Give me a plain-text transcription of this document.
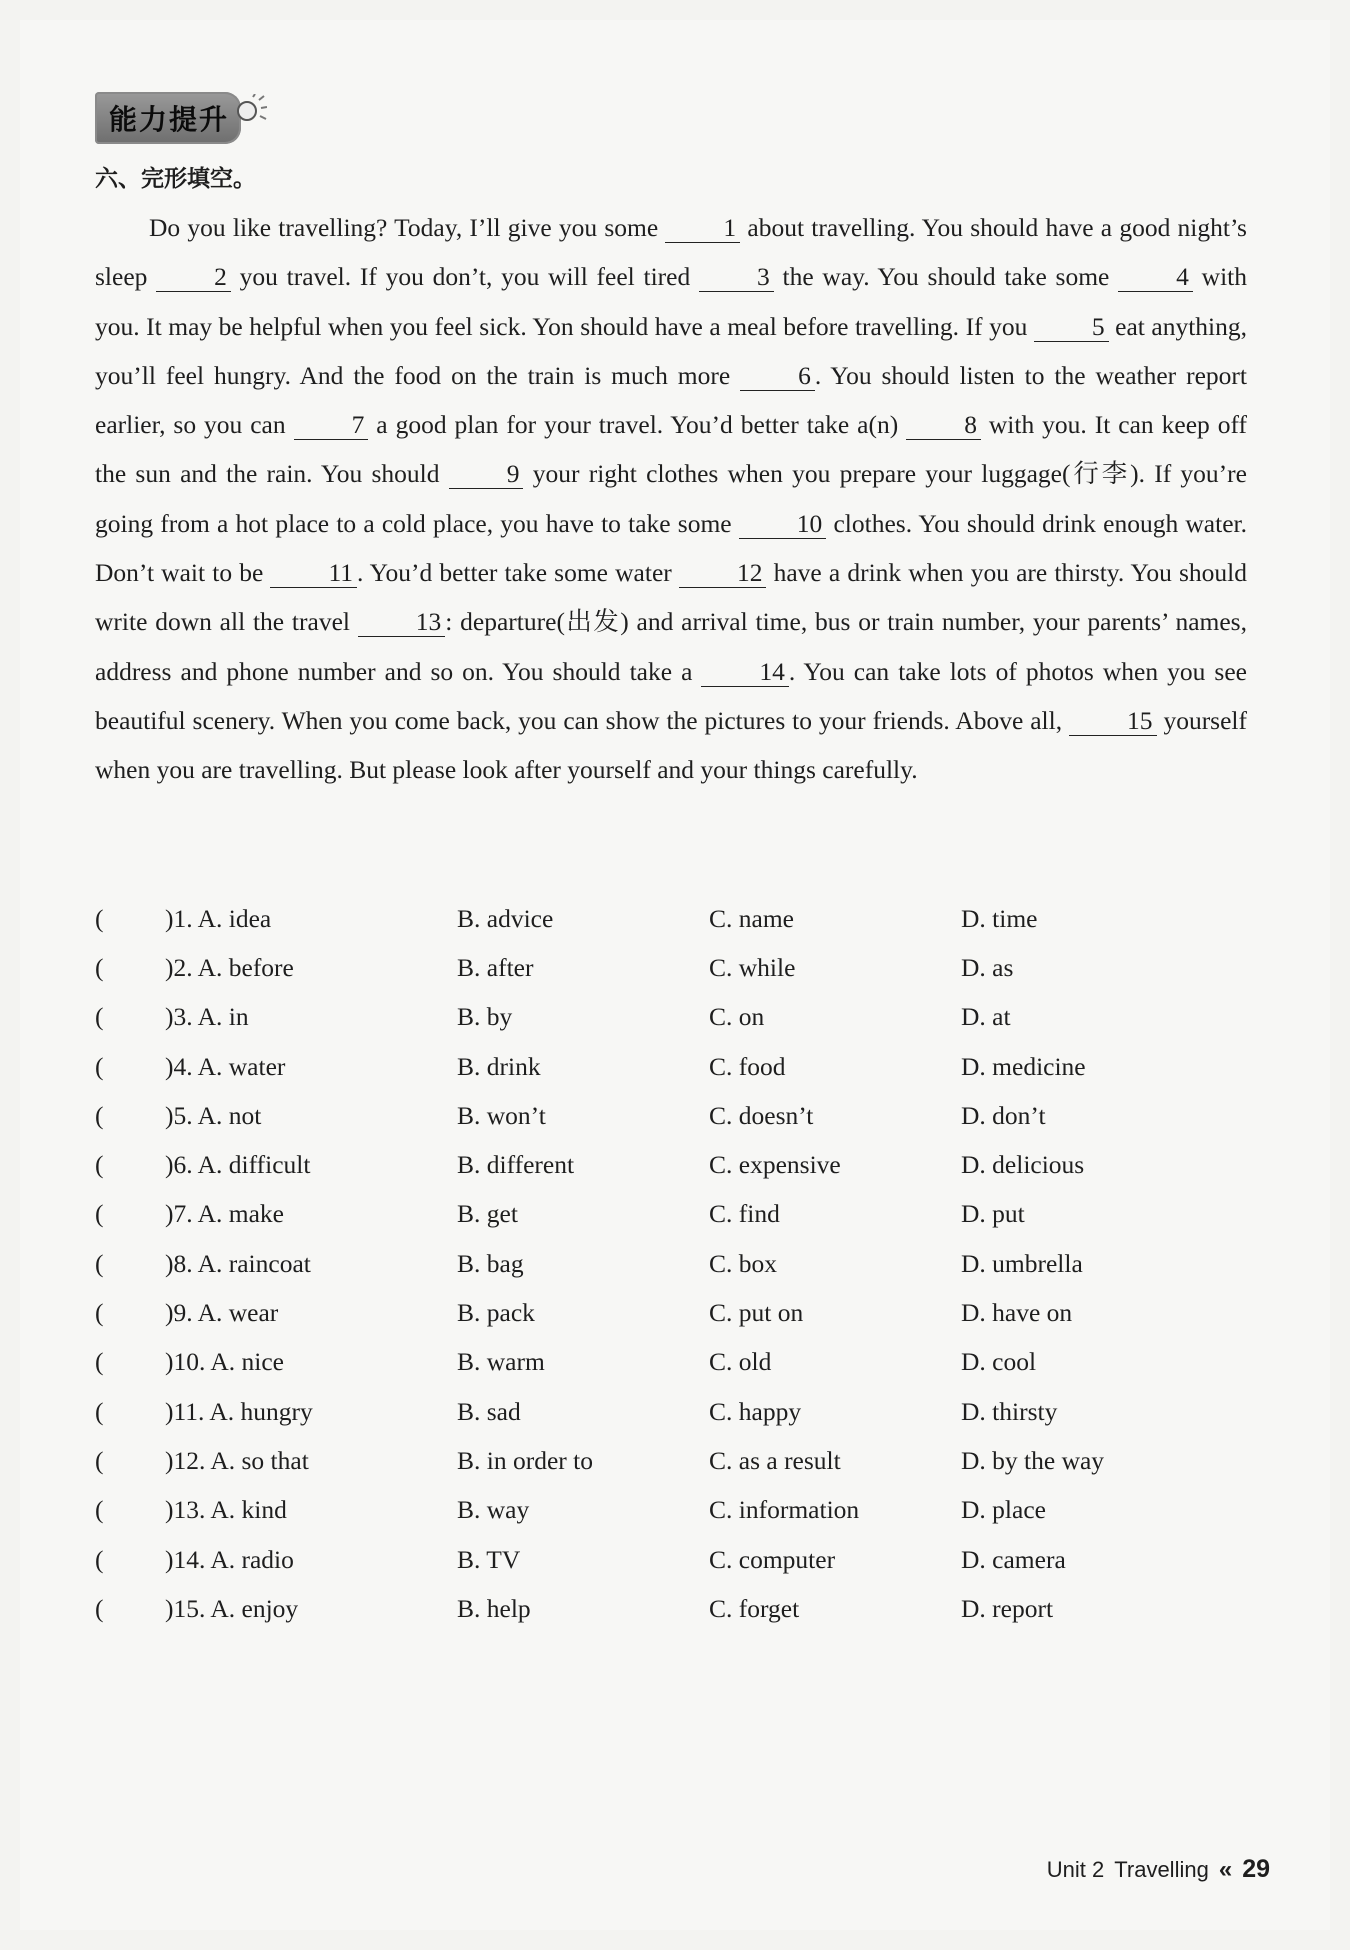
能力提升
六、完形填空。

Do you like travelling? Today, I’ll give you some 1 about travelling. You should have a good night’s sleep 2 you travel. If you don’t, you will feel tired 3 the way. You should take some 4 with you. It may be helpful when you feel sick. Yon should have a meal before travelling. If you 5 eat anything, you’ll feel hungry. And the food on the train is much more 6 . You should listen to the weather report earlier, so you can 7 a good plan for your travel. You’d better take a(n) 8 with you. It can keep off the sun and the rain. You should 9 your right clothes when you prepare your luggage(行李). If you’re going from a hot place to a cold place, you have to take some 10 clothes. You should drink enough water. Don’t wait to be 11 . You’d better take some water 12 have a drink when you are thirsty. You should write down all the travel 13 : departure(出发) and arrival time, bus or train number, your parents’ names, address and phone number and so on. You should take a 14 . You can take lots of photos when you see beautiful scenery. When you come back, you can show the pictures to your friends. Above all, 15 yourself when you are travelling. But please look after yourself and your things carefully.

(	)1. A. idea	B. advice	C. name	D. time
(	)2. A. before	B. after	C. while	D. as
(	)3. A. in	B. by	C. on	D. at
(	)4. A. water	B. drink	C. food	D. medicine
(	)5. A. not	B. won’t	C. doesn’t	D. don’t
(	)6. A. difficult	B. different	C. expensive	D. delicious
(	)7. A. make	B. get	C. find	D. put
(	)8. A. raincoat	B. bag	C. box	D. umbrella
(	)9. A. wear	B. pack	C. put on	D. have on
(	)10. A. nice	B. warm	C. old	D. cool
(	)11. A. hungry	B. sad	C. happy	D. thirsty
(	)12. A. so that	B. in order to	C. as a result	D. by the way
(	)13. A. kind	B. way	C. information	D. place
(	)14. A. radio	B. TV	C. computer	D. camera
(	)15. A. enjoy	B. help	C. forget	D. report
Unit 2 Travelling « 29
